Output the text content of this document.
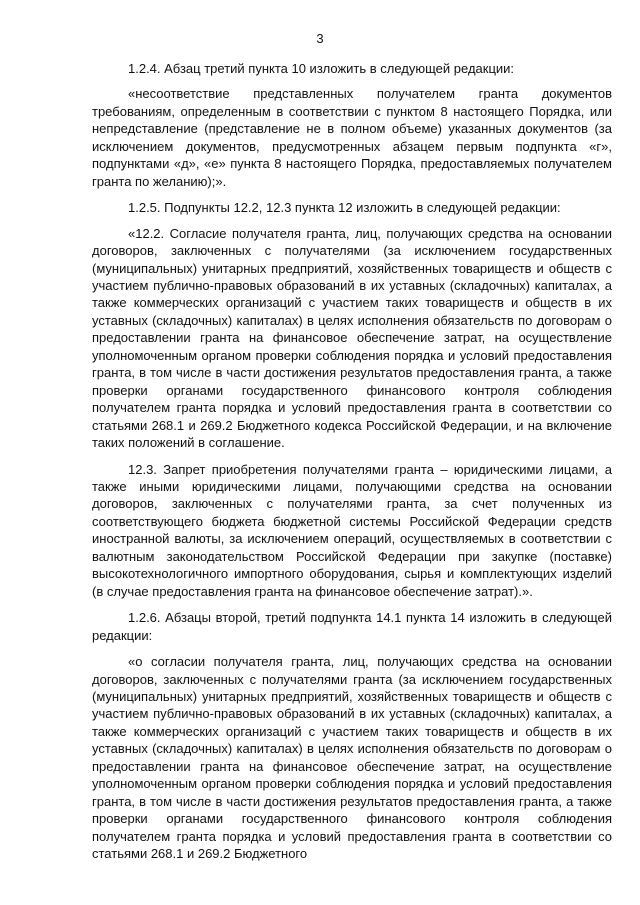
3

1.2.4. Абзац третий пункта 10 изложить в следующей редакции:

«несоответствие представленных получателем гранта документов требованиям, определенным в соответствии с пунктом 8 настоящего Порядка, или непредставление (представление не в полном объеме) указанных документов (за исключением документов, предусмотренных абзацем первым подпункта «г», подпунктами «д», «е» пункта 8 настоящего Порядка, предоставляемых получателем гранта по желанию);».

1.2.5. Подпункты 12.2, 12.3 пункта 12 изложить в следующей редакции:

«12.2. Согласие получателя гранта, лиц, получающих средства на основании договоров, заключенных с получателями (за исключением государственных (муниципальных) унитарных предприятий, хозяйственных товариществ и обществ с участием публично-правовых образований в их уставных (складочных) капиталах, а также коммерческих организаций с участием таких товариществ и обществ в их уставных (складочных) капиталах) в целях исполнения обязательств по договорам о предоставлении гранта на финансовое обеспечение затрат, на осуществление уполномоченным органом проверки соблюдения порядка и условий предоставления гранта, в том числе в части достижения результатов предоставления гранта, а также проверки органами государственного финансового контроля соблюдения получателем гранта порядка и условий предоставления гранта в соответствии со статьями 268.1 и 269.2 Бюджетного кодекса Российской Федерации, и на включение таких положений в соглашение.

12.3. Запрет приобретения получателями гранта – юридическими лицами, а также иными юридическими лицами, получающими средства на основании договоров, заключенных с получателями гранта, за счет полученных из соответствующего бюджета бюджетной системы Российской Федерации средств иностранной валюты, за исключением операций, осуществляемых в соответствии с валютным законодательством Российской Федерации при закупке (поставке) высокотехнологичного импортного оборудования, сырья и комплектующих изделий (в случае предоставления гранта на финансовое обеспечение затрат).».

1.2.6. Абзацы второй, третий подпункта 14.1 пункта 14 изложить в следующей редакции:

«о согласии получателя гранта, лиц, получающих средства на основании договоров, заключенных с получателями гранта (за исключением государственных (муниципальных) унитарных предприятий, хозяйственных товариществ и обществ с участием публично-правовых образований в их уставных (складочных) капиталах, а также коммерческих организаций с участием таких товариществ и обществ в их уставных (складочных) капиталах) в целях исполнения обязательств по договорам о предоставлении гранта на финансовое обеспечение затрат, на осуществление уполномоченным органом проверки соблюдения порядка и условий предоставления гранта, в том числе в части достижения результатов предоставления гранта, а также проверки органами государственного финансового контроля соблюдения получателем гранта порядка и условий предоставления гранта в соответствии со статьями 268.1 и 269.2 Бюджетного
